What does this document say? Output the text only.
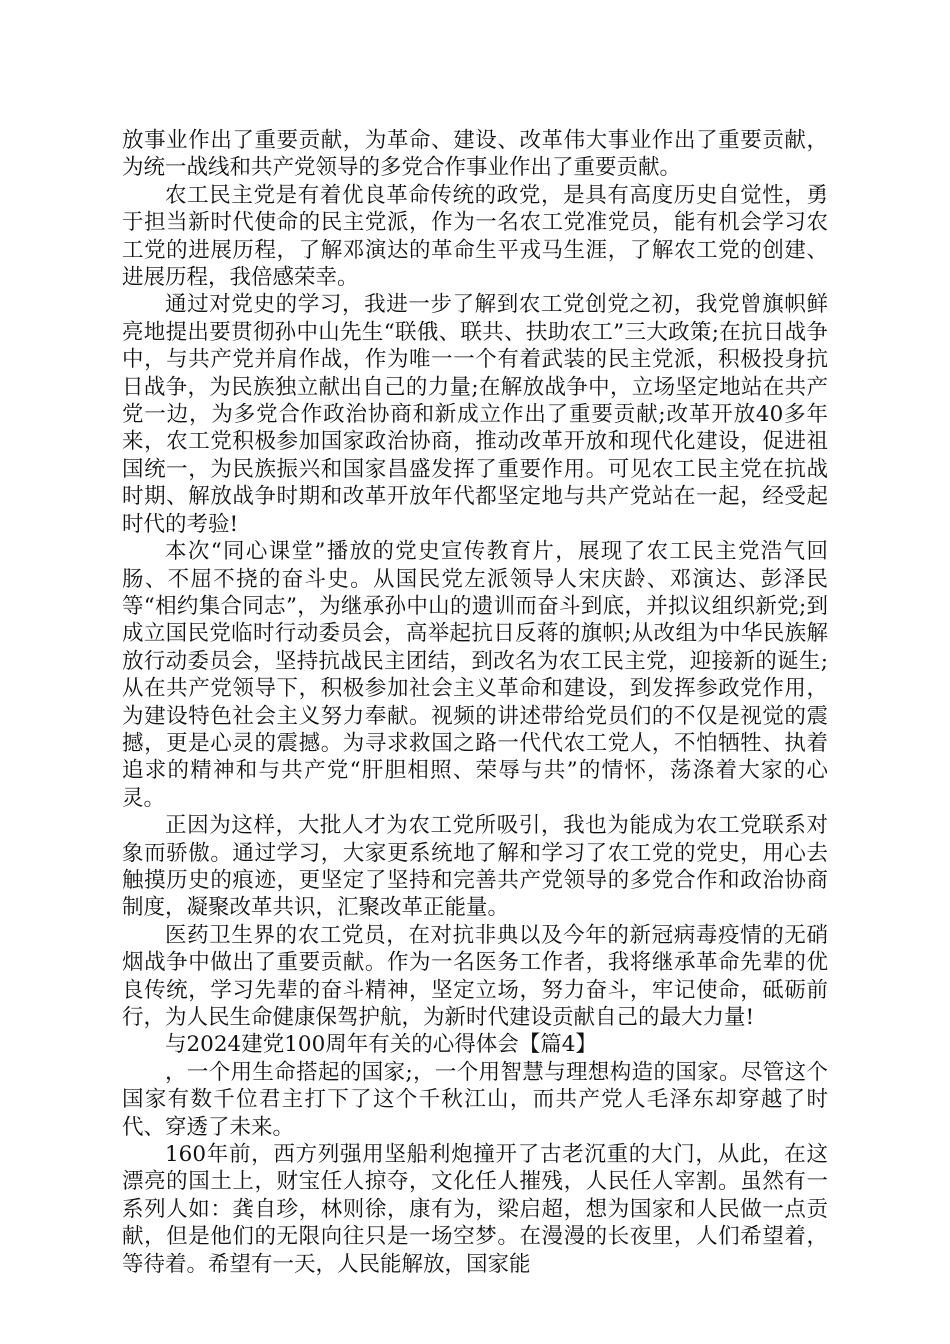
放事业作出了重要贡献，为革命、建设、改革伟大事业作出了重要贡献，为统一战线和共产党领导的多党合作事业作出了重要贡献。

农工民主党是有着优良革命传统的政党，是具有高度历史自觉性，勇于担当新时代使命的民主党派，作为一名农工党准党员，能有机会学习农工党的进展历程，了解邓演达的革命生平戎马生涯，了解农工党的创建、进展历程，我倍感荣幸。

通过对党史的学习，我进一步了解到农工党创党之初，我党曾旗帜鲜亮地提出要贯彻孙中山先生“联俄、联共、扶助农工”三大政策;在抗日战争中，与共产党并肩作战，作为唯一一个有着武装的民主党派，积极投身抗日战争，为民族独立献出自己的力量;在解放战争中，立场坚定地站在共产党一边，为多党合作政治协商和新成立作出了重要贡献;改革开放40多年来，农工党积极参加国家政治协商，推动改革开放和现代化建设，促进祖国统一，为民族振兴和国家昌盛发挥了重要作用。可见农工民主党在抗战时期、解放战争时期和改革开放年代都坚定地与共产党站在一起，经受起时代的考验!

本次“同心课堂”播放的党史宣传教育片，展现了农工民主党浩气回肠、不屈不挠的奋斗史。从国民党左派领导人宋庆龄、邓演达、彭泽民等“相约集合同志”，为继承孙中山的遗训而奋斗到底，并拟议组织新党;到成立国民党临时行动委员会，高举起抗日反蒋的旗帜;从改组为中华民族解放行动委员会，坚持抗战民主团结，到改名为农工民主党，迎接新的诞生;从在共产党领导下，积极参加社会主义革命和建设，到发挥参政党作用，为建设特色社会主义努力奉献。视频的讲述带给党员们的不仅是视觉的震撼，更是心灵的震撼。为寻求救国之路一代代农工党人，不怕牺牲、执着追求的精神和与共产党“肝胆相照、荣辱与共”的情怀，荡涤着大家的心灵。

正因为这样，大批人才为农工党所吸引，我也为能成为农工党联系对象而骄傲。通过学习，大家更系统地了解和学习了农工党的党史，用心去触摸历史的痕迹，更坚定了坚持和完善共产党领导的多党合作和政治协商制度，凝聚改革共识，汇聚改革正能量。

医药卫生界的农工党员，在对抗非典以及今年的新冠病毒疫情的无硝烟战争中做出了重要贡献。作为一名医务工作者，我将继承革命先辈的优良传统，学习先辈的奋斗精神，坚定立场，努力奋斗，牢记使命，砥砺前行，为人民生命健康保驾护航，为新时代建设贡献自己的最大力量!

与2024建党100周年有关的心得体会【篇4】

，一个用生命搭起的国家;，一个用智慧与理想构造的国家。尽管这个国家有数千位君主打下了这个千秋江山，而共产党人毛泽东却穿越了时代、穿透了未来。

160年前，西方列强用坚船利炮撞开了古老沉重的大门，从此，在这漂亮的国土上，财宝任人掠夺，文化任人摧残，人民任人宰割。虽然有一系列人如：龚自珍，林则徐，康有为，梁启超，想为国家和人民做一点贡献，但是他们的无限向往只是一场空梦。在漫漫的长夜里，人们希望着，等待着。希望有一天，人民能解放，国家能
